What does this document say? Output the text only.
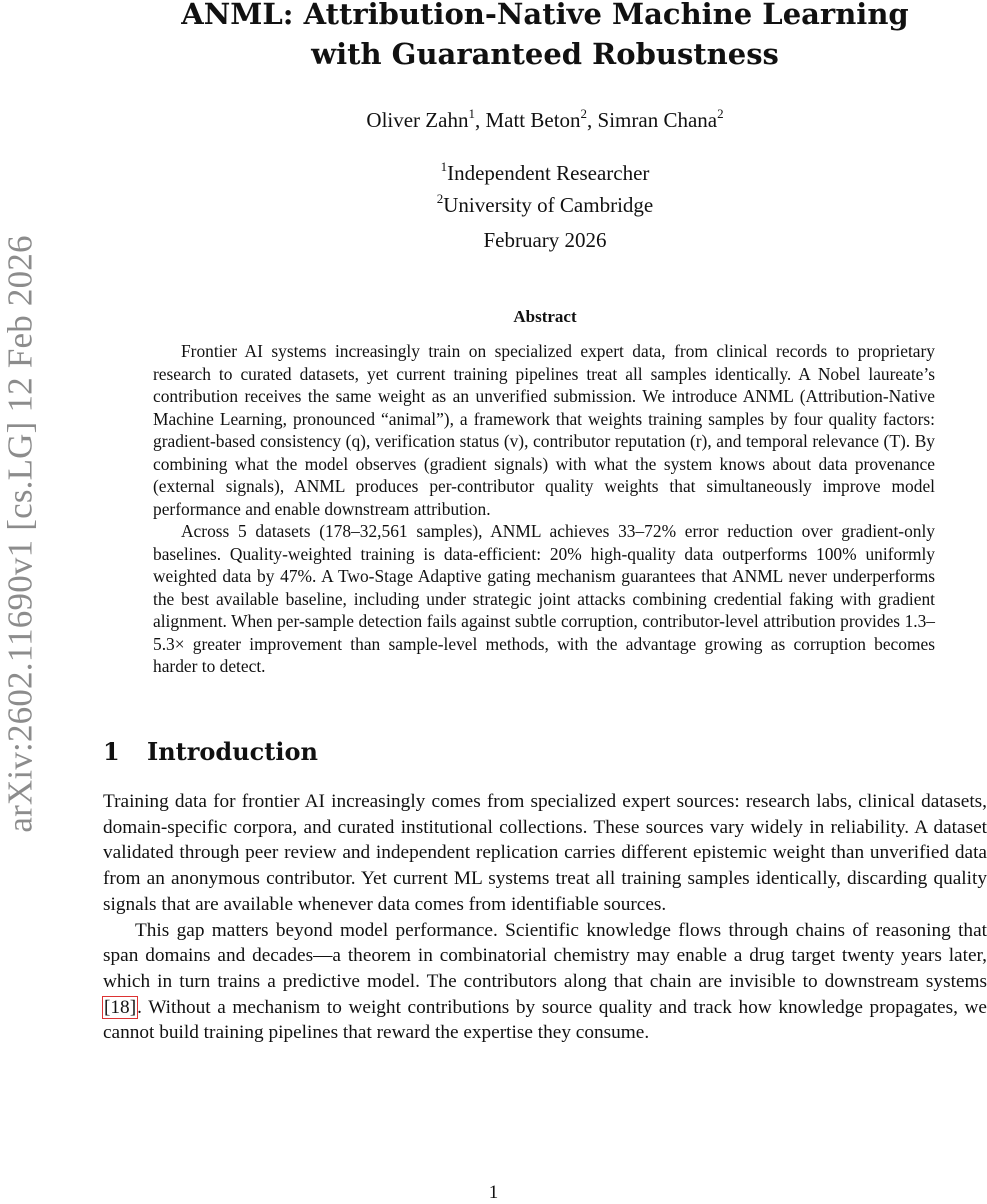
arXiv:2602.11690v1 [cs.LG] 12 Feb 2026
ANML: Attribution-Native Machine Learning
with Guaranteed Robustness
Oliver Zahn$^1$, Matt Beton$^2$, Simran Chana$^2$
$^1$Independent Researcher
$^2$University of Cambridge
February 2026
Abstract

Frontier AI systems increasingly train on specialized expert data, from clinical records to proprietary research to curated datasets, yet current training pipelines treat all samples identically. A Nobel laureate’s contribution receives the same weight as an unverified submission. We introduce ANML (Attribution-Native Machine Learning, pronounced “animal”), a framework that weights training samples by four quality factors: gradient-based consistency (q), verification status (v), contributor reputation (r), and temporal relevance (T). By combining what the model observes (gradient signals) with what the system knows about data provenance (external signals), ANML produces per-contributor quality weights that simultaneously improve model performance and enable downstream attribution.

Across 5 datasets (178–32,561 samples), ANML achieves 33–72% error reduction over gradient-only baselines. Quality-weighted training is data-efficient: 20% high-quality data outperforms 100% uniformly weighted data by 47%. A Two-Stage Adaptive gating mechanism guarantees that ANML never underperforms the best available baseline, including under strategic joint attacks combining credential faking with gradient alignment. When per-sample detection fails against subtle corruption, contributor-level attribution provides 1.3–5.3× greater improvement than sample-level methods, with the advantage growing as corruption becomes harder to detect.

1 Introduction

Training data for frontier AI increasingly comes from specialized expert sources: research labs, clinical datasets, domain-specific corpora, and curated institutional collections. These sources vary widely in reliability. A dataset validated through peer review and independent replication carries different epistemic weight than unverified data from an anonymous contributor. Yet current ML systems treat all training samples identically, discarding quality signals that are available whenever data comes from identifiable sources.

This gap matters beyond model performance. Scientific knowledge flows through chains of reasoning that span domains and decades—a theorem in combinatorial chemistry may enable a drug target twenty years later, which in turn trains a predictive model. The contributors along that chain are invisible to downstream systems [18]. Without a mechanism to weight contributions by source quality and track how knowledge propagates, we cannot build training pipelines that reward the expertise they consume.

1
